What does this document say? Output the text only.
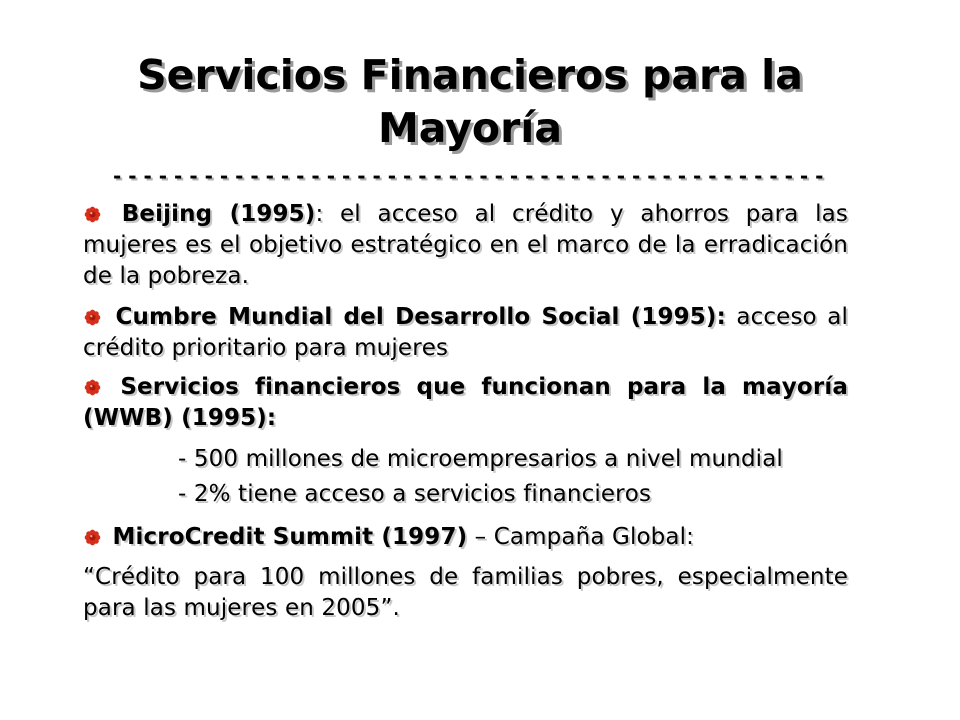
Servicios Financieros para la Mayoría
- - - - - - - - - - - - - - - - - - - - - - - - - - - - - - - - - - - - - - - - - - - - - - -

Beijing (1995): el acceso al crédito y ahorros para las mujeres es el objetivo estratégico en el marco de la erradicación de la pobreza.

Cumbre Mundial del Desarrollo Social (1995): acceso al crédito prioritario para mujeres

Servicios financieros que funcionan para la mayoría (WWB) (1995):

- 500 millones de microempresarios a nivel mundial

- 2% tiene acceso a servicios financieros

MicroCredit Summit (1997) – Campaña Global:

“Crédito para 100 millones de familias pobres, especialmente para las mujeres en 2005”.
